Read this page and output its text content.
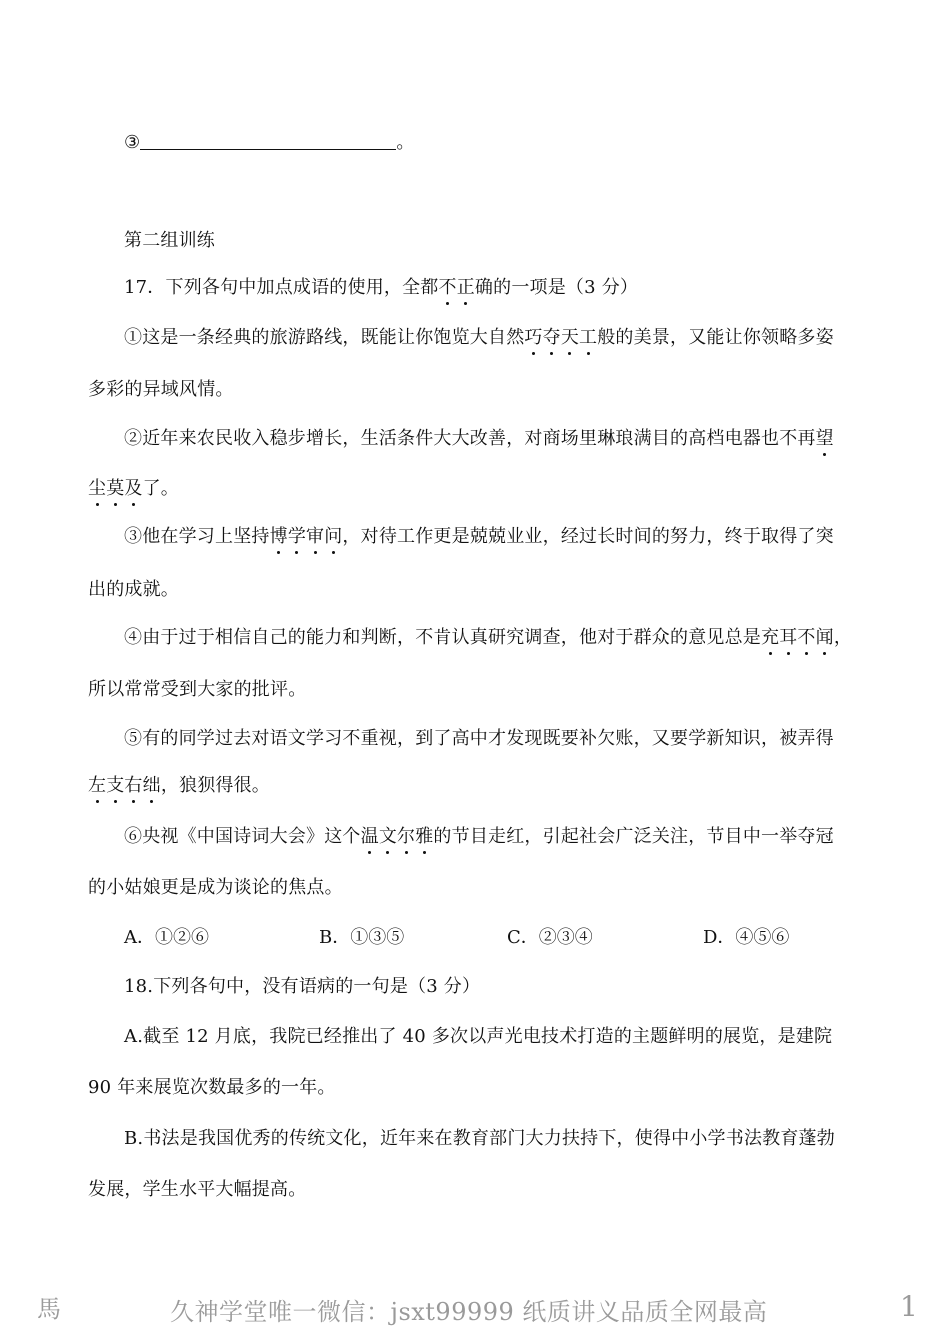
③	。
第二组训练
17．下列各句中加点成语的使用，全都不正确的一项是（3 分）
①这是一条经典的旅游路线，既能让你饱览大自然巧夺天工般的美景，又能让你领略多姿
多彩的异域风情。
②近年来农民收入稳步增长，生活条件大大改善，对商场里琳琅满目的高档电器也不再望
尘莫及了。
③他在学习上坚持博学审问，对待工作更是兢兢业业，经过长时间的努力，终于取得了突
出的成就。
④由于过于相信自己的能力和判断，不肯认真研究调查，他对于群众的意见总是充耳不闻，
所以常常受到大家的批评。
⑤有的同学过去对语文学习不重视，到了高中才发现既要补欠账，又要学新知识，被弄得
左支右绌，狼狈得很。
⑥央视《中国诗词大会》这个温文尔雅的节目走红，引起社会广泛关注，节目中一举夺冠
的小姑娘更是成为谈论的焦点。
A．①②⑥	B．①③⑤	C．②③④	D．④⑤⑥
18.下列各句中，没有语病的一句是（3 分）
A.截至 12 月底，我院已经推出了 40 多次以声光电技术打造的主题鲜明的展览，是建院
90 年来展览次数最多的一年。
B.书法是我国优秀的传统文化，近年来在教育部门大力扶持下，使得中小学书法教育蓬勃
发展，学生水平大幅提高。
馬	久神学堂唯一微信：jsxt99999 纸质讲义品质全网最高	1
